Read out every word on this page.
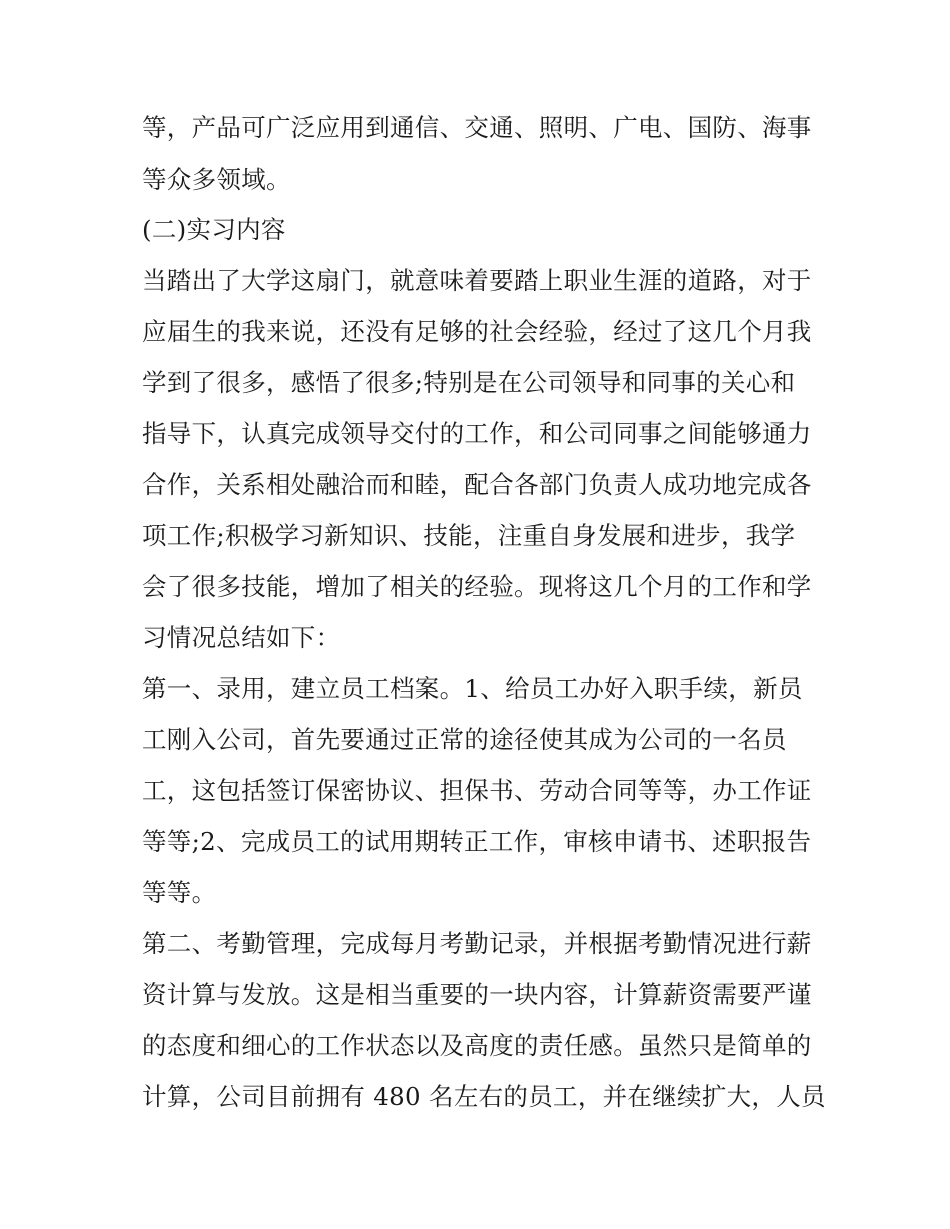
等，产品可广泛应用到通信、交通、照明、广电、国防、海事
等众多领域。
(二)实习内容
当踏出了大学这扇门，就意味着要踏上职业生涯的道路，对于
应届生的我来说，还没有足够的社会经验，经过了这几个月我
学到了很多，感悟了很多;特别是在公司领导和同事的关心和
指导下，认真完成领导交付的工作，和公司同事之间能够通力
合作，关系相处融洽而和睦，配合各部门负责人成功地完成各
项工作;积极学习新知识、技能，注重自身发展和进步，我学
会了很多技能，增加了相关的经验。现将这几个月的工作和学
习情况总结如下：
第一、录用，建立员工档案。1、给员工办好入职手续，新员
工刚入公司，首先要通过正常的途径使其成为公司的一名员
工，这包括签订保密协议、担保书、劳动合同等等，办工作证
等等;2、完成员工的试用期转正工作，审核申请书、述职报告
等等。
第二、考勤管理，完成每月考勤记录，并根据考勤情况进行薪
资计算与发放。这是相当重要的一块内容，计算薪资需要严谨
的态度和细心的工作状态以及高度的责任感。虽然只是简单的
计算，公司目前拥有 480 名左右的员工，并在继续扩大，人员
